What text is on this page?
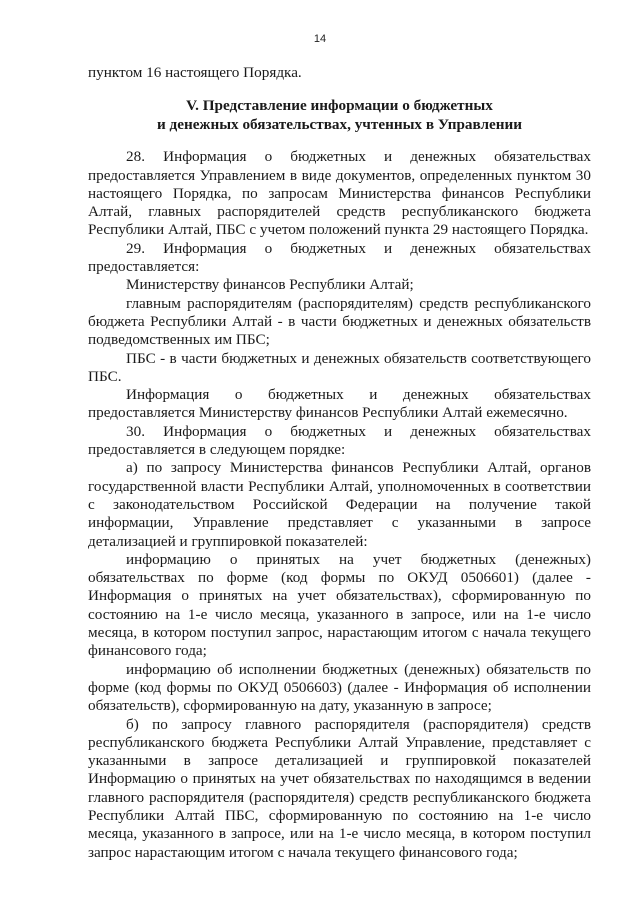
14

пунктом 16 настоящего Порядка.

V. Представление информации о бюджетных
и денежных обязательствах, учтенных в Управлении

28. Информация о бюджетных и денежных обязательствах предоставляется Управлением в виде документов, определенных пунктом 30 настоящего Порядка, по запросам Министерства финансов Республики Алтай, главных распорядителей средств республиканского бюджета Республики Алтай, ПБС с учетом положений пункта 29 настоящего Порядка.

29. Информация о бюджетных и денежных обязательствах предоставляется:

Министерству финансов Республики Алтай;

главным распорядителям (распорядителям) средств республиканского бюджета Республики Алтай - в части бюджетных и денежных обязательств подведомственных им ПБС;

ПБС - в части бюджетных и денежных обязательств соответствующего ПБС.

Информация о бюджетных и денежных обязательствах предоставляется Министерству финансов Республики Алтай ежемесячно.

30. Информация о бюджетных и денежных обязательствах предоставляется в следующем порядке:

а) по запросу Министерства финансов Республики Алтай, органов государственной власти Республики Алтай, уполномоченных в соответствии с законодательством Российской Федерации на получение такой информации, Управление представляет с указанными в запросе детализацией и группировкой показателей:

информацию о принятых на учет бюджетных (денежных) обязательствах по форме (код формы по ОКУД 0506601) (далее - Информация о принятых на учет обязательствах), сформированную по состоянию на 1-е число месяца, указанного в запросе, или на 1-е число месяца, в котором поступил запрос, нарастающим итогом с начала текущего финансового года;

информацию об исполнении бюджетных (денежных) обязательств по форме (код формы по ОКУД 0506603) (далее - Информация об исполнении обязательств), сформированную на дату, указанную в запросе;

б) по запросу главного распорядителя (распорядителя) средств республиканского бюджета Республики Алтай Управление, представляет с указанными в запросе детализацией и группировкой показателей Информацию о принятых на учет обязательствах по находящимся в ведении главного распорядителя (распорядителя) средств республиканского бюджета Республики Алтай ПБС, сформированную по состоянию на 1-е число месяца, указанного в запросе, или на 1-е число месяца, в котором поступил запрос нарастающим итогом с начала текущего финансового года;
